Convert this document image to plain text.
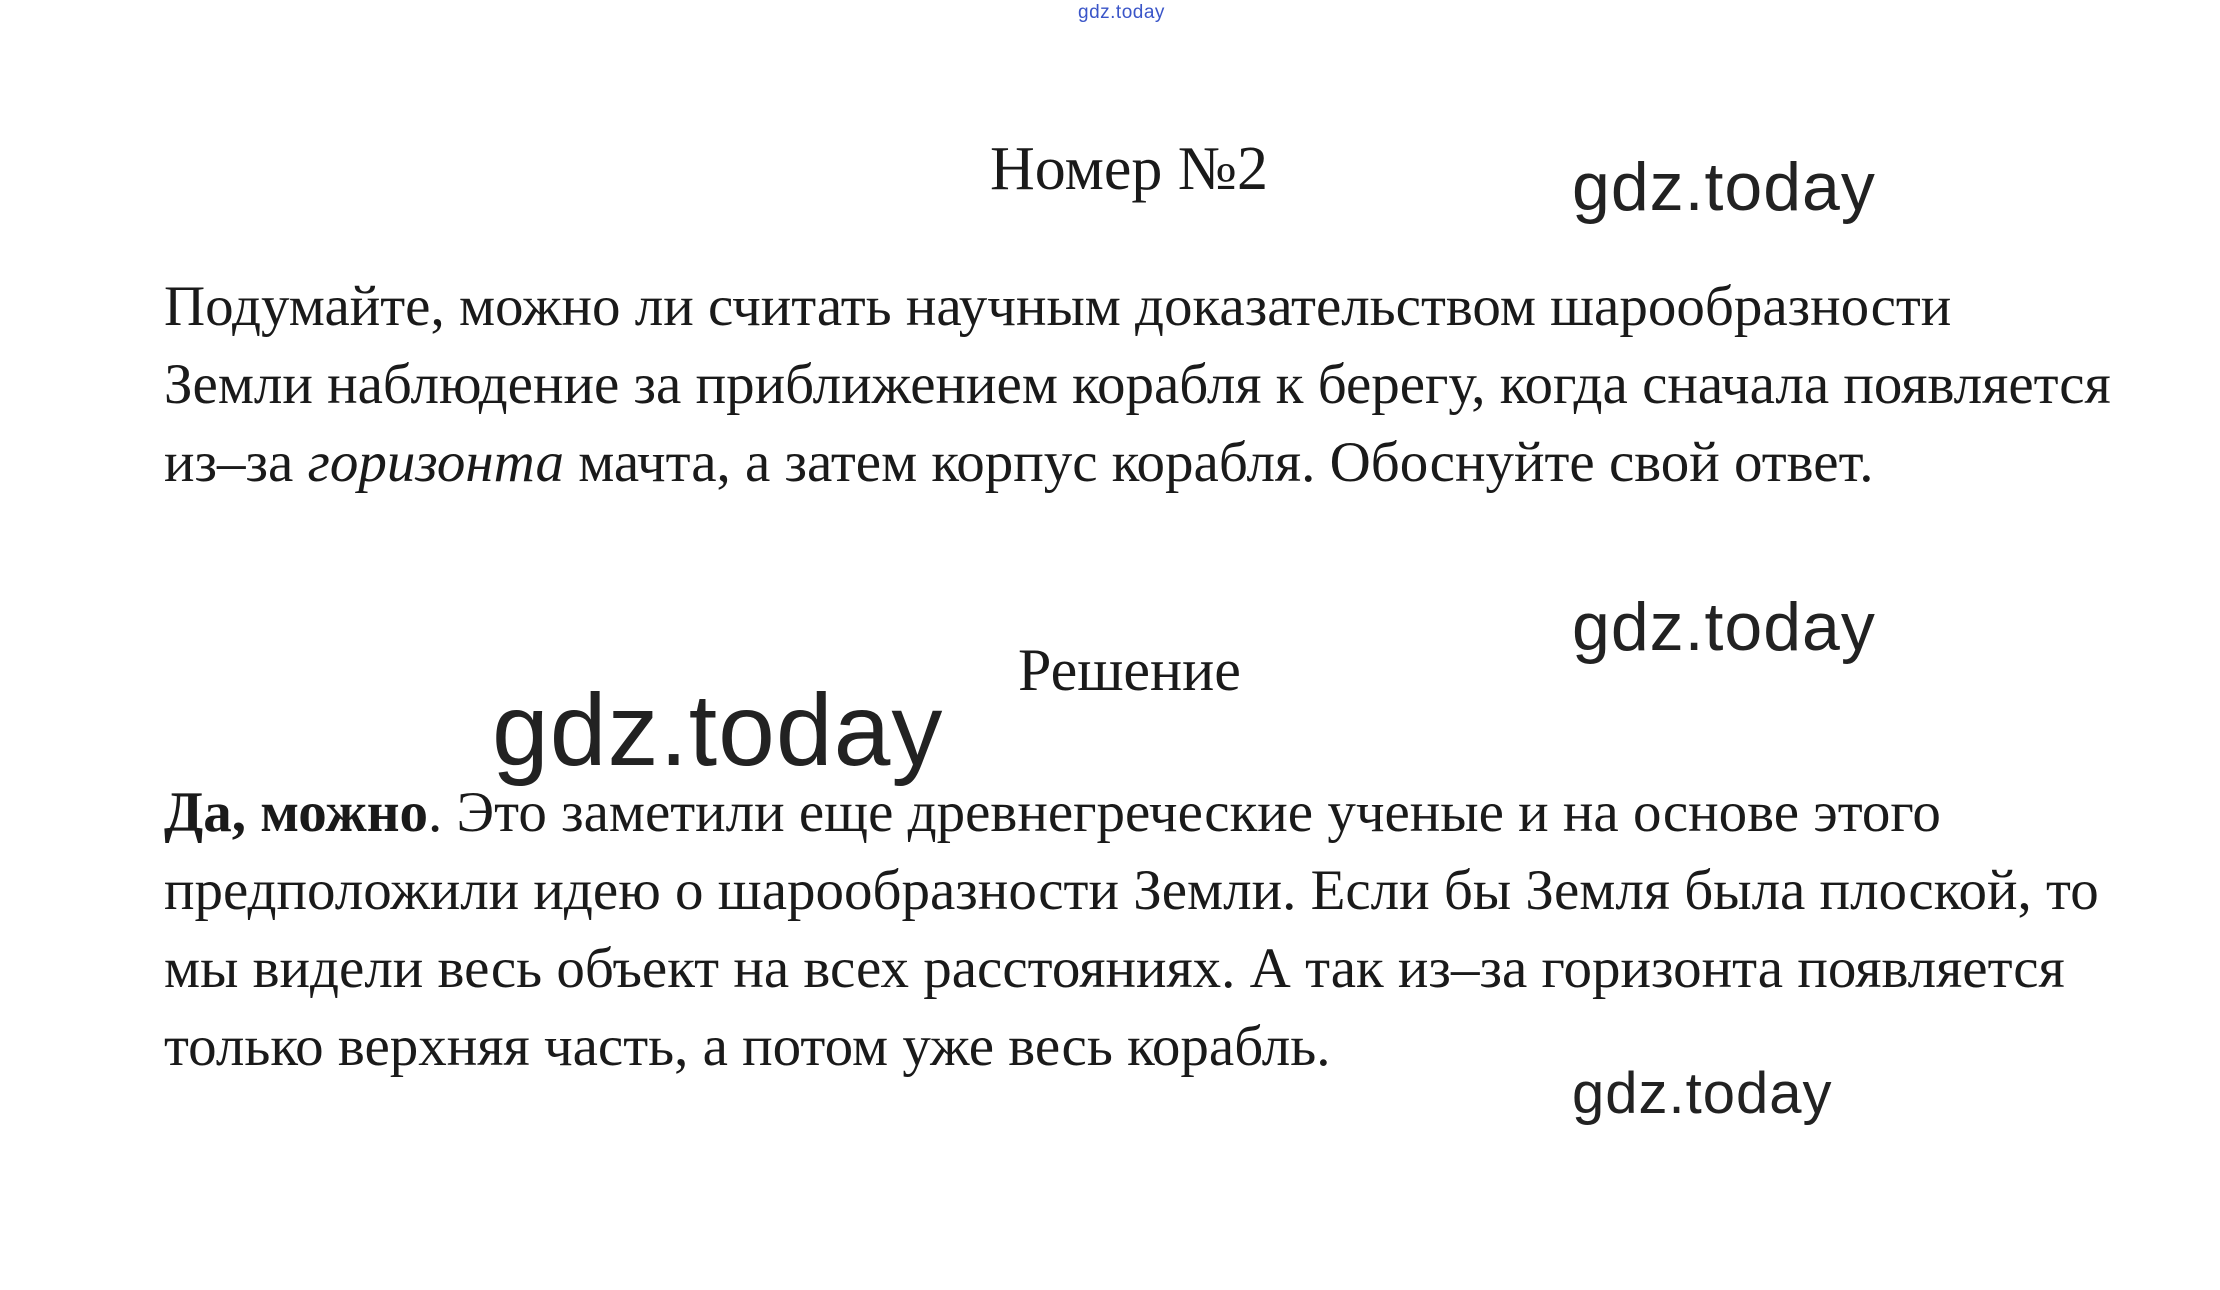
gdz.today
Номер №2	gdz.today
Подумайте, можно ли считать научным доказательством шарообразности Земли наблюдение за приближением корабля к берегу, когда сначала появляется из–за горизонта мачта, а затем корпус корабля. Обоснуйте свой ответ.
gdz.today
Решение
gdz.today
Да, можно. Это заметили еще древнегреческие ученые и на основе этого предположили идею о шарообразности Земли. Если бы Земля была плоской, то мы видели весь объект на всех расстояниях. А так из–за горизонта появляется только верхняя часть, а потом уже весь корабль.
gdz.today
